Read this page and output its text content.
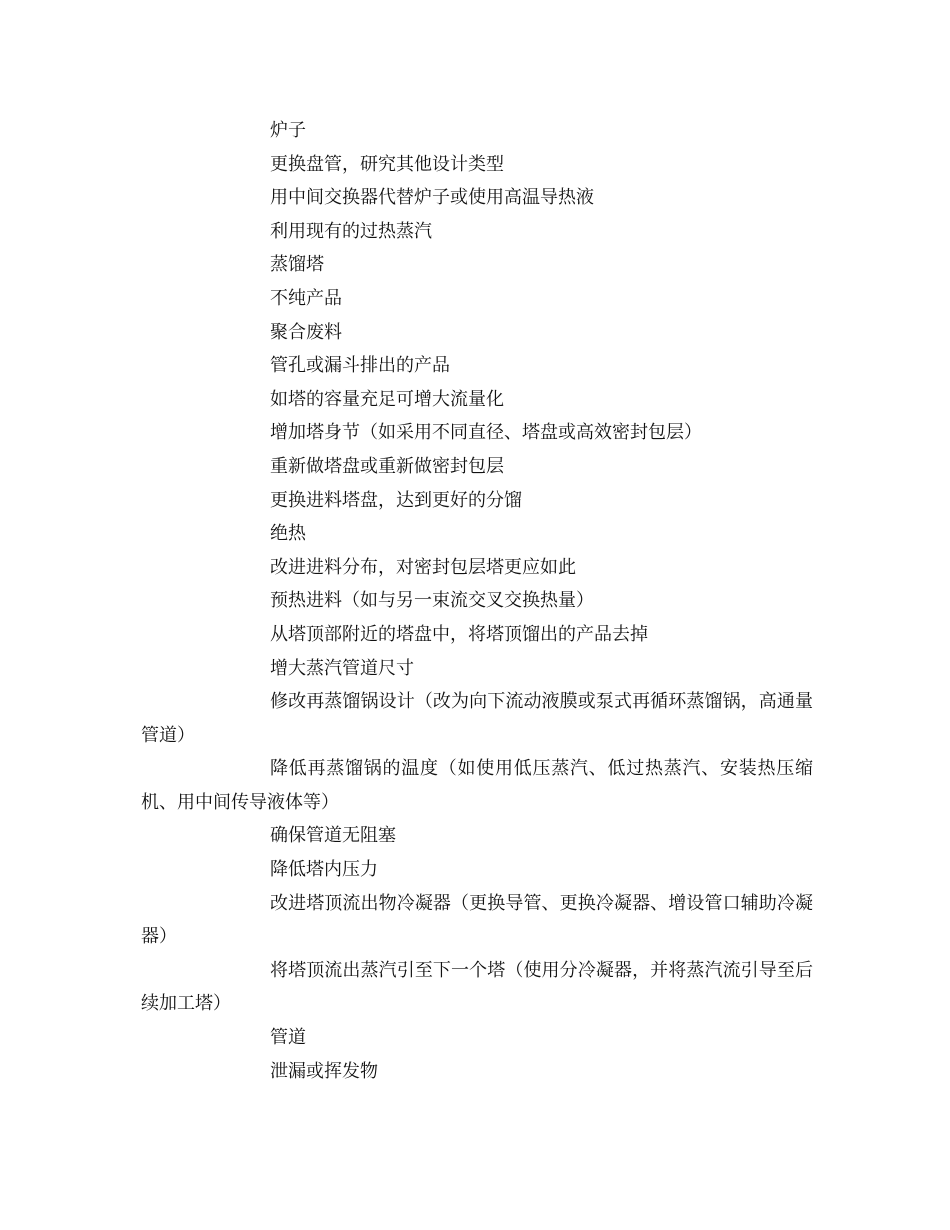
炉子

更换盘管，研究其他设计类型

用中间交换器代替炉子或使用高温导热液

利用现有的过热蒸汽

蒸馏塔

不纯产品

聚合废料

管孔或漏斗排出的产品

如塔的容量充足可增大流量化

增加塔身节（如采用不同直径、塔盘或高效密封包层）

重新做塔盘或重新做密封包层

更换进料塔盘，达到更好的分馏

绝热

改进进料分布，对密封包层塔更应如此

预热进料（如与另一束流交叉交换热量）

从塔顶部附近的塔盘中，将塔顶馏出的产品去掉

增大蒸汽管道尺寸

修改再蒸馏锅设计（改为向下流动液膜或泵式再循环蒸馏锅，高通量管道）

降低再蒸馏锅的温度（如使用低压蒸汽、低过热蒸汽、安装热压缩机、用中间传导液体等）

确保管道无阻塞

降低塔内压力

改进塔顶流出物冷凝器（更换导管、更换冷凝器、增设管口辅助冷凝器）

将塔顶流出蒸汽引至下一个塔（使用分冷凝器，并将蒸汽流引导至后续加工塔）

管道

泄漏或挥发物
